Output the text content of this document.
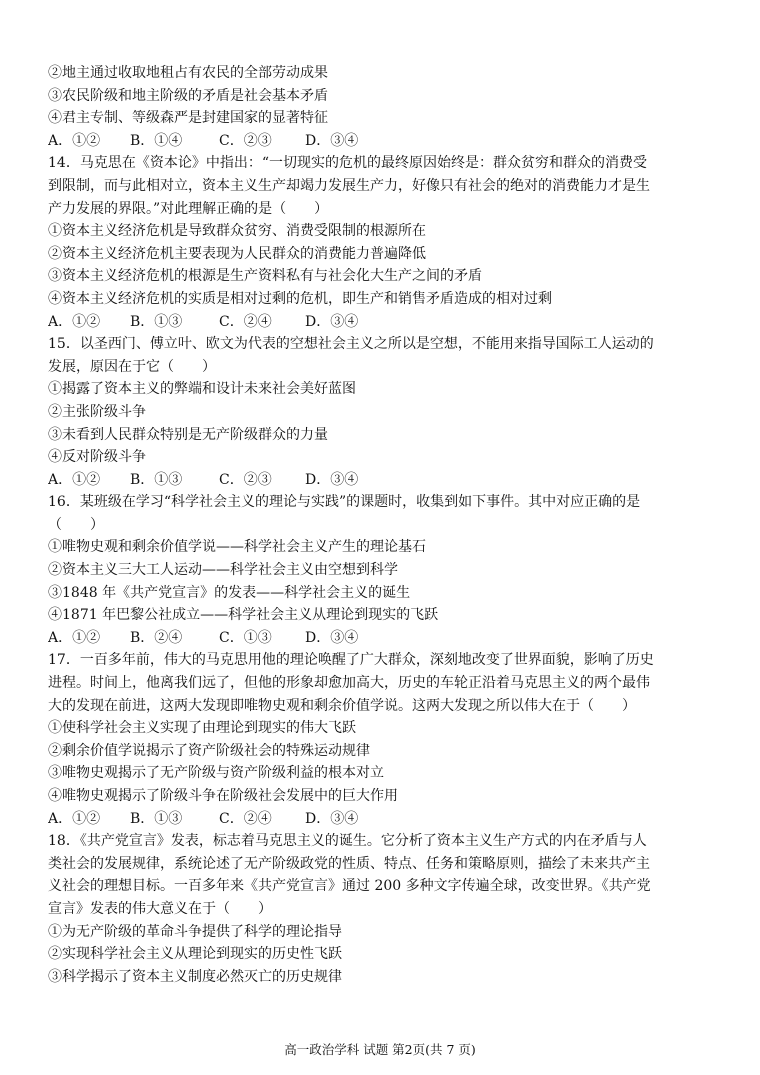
②地主通过收取地租占有农民的全部劳动成果
③农民阶级和地主阶级的矛盾是社会基本矛盾
④君主专制、等级森严是封建国家的显著特征
A．①② B．①④	C．②③ D．③④
14．马克思在《资本论》中指出：“一切现实的危机的最终原因始终是：群众贫穷和群众的消费受
到限制，而与此相对立，资本主义生产却竭力发展生产力，好像只有社会的绝对的消费能力才是生
产力发展的界限。”对此理解正确的是（　　）
①资本主义经济危机是导致群众贫穷、消费受限制的根源所在
②资本主义经济危机主要表现为人民群众的消费能力普遍降低
③资本主义经济危机的根源是生产资料私有与社会化大生产之间的矛盾
④资本主义经济危机的实质是相对过剩的危机，即生产和销售矛盾造成的相对过剩
A．①② B．①③	C．②④ D．③④
15．以圣西门、傅立叶、欧文为代表的空想社会主义之所以是空想，不能用来指导国际工人运动的
发展，原因在于它（　　）
①揭露了资本主义的弊端和设计未来社会美好蓝图
②主张阶级斗争
③未看到人民群众特别是无产阶级群众的力量
④反对阶级斗争
A．①② B．①③	C．②③ D．③④
16．某班级在学习“科学社会主义的理论与实践”的课题时，收集到如下事件。其中对应正确的是
（　　）
①唯物史观和剩余价值学说——科学社会主义产生的理论基石
②资本主义三大工人运动——科学社会主义由空想到科学
③1848 年《共产党宣言》的发表——科学社会主义的诞生
④1871 年巴黎公社成立——科学社会主义从理论到现实的飞跃
A．①② B．②④	C．①③ D．③④
17．一百多年前，伟大的马克思用他的理论唤醒了广大群众，深刻地改变了世界面貌，影响了历史
进程。时间上，他离我们远了，但他的形象却愈加高大，历史的车轮正沿着马克思主义的两个最伟
大的发现在前进，这两大发现即唯物史观和剩余价值学说。这两大发现之所以伟大在于（　　）
①使科学社会主义实现了由理论到现实的伟大飞跃
②剩余价值学说揭示了资产阶级社会的特殊运动规律
③唯物史观揭示了无产阶级与资产阶级利益的根本对立
④唯物史观揭示了阶级斗争在阶级社会发展中的巨大作用
A．①② B．①③	C．②④ D．③④
18．《共产党宣言》发表，标志着马克思主义的诞生。它分析了资本主义生产方式的内在矛盾与人
类社会的发展规律，系统论述了无产阶级政党的性质、特点、任务和策略原则，描绘了未来共产主
义社会的理想目标。一百多年来《共产党宣言》通过 200 多种文字传遍全球，改变世界。《共产党
宣言》发表的伟大意义在于（　　）
①为无产阶级的革命斗争提供了科学的理论指导
②实现科学社会主义从理论到现实的历史性飞跃
③科学揭示了资本主义制度必然灭亡的历史规律
高一政治学科 试题 第2页(共 7 页)
